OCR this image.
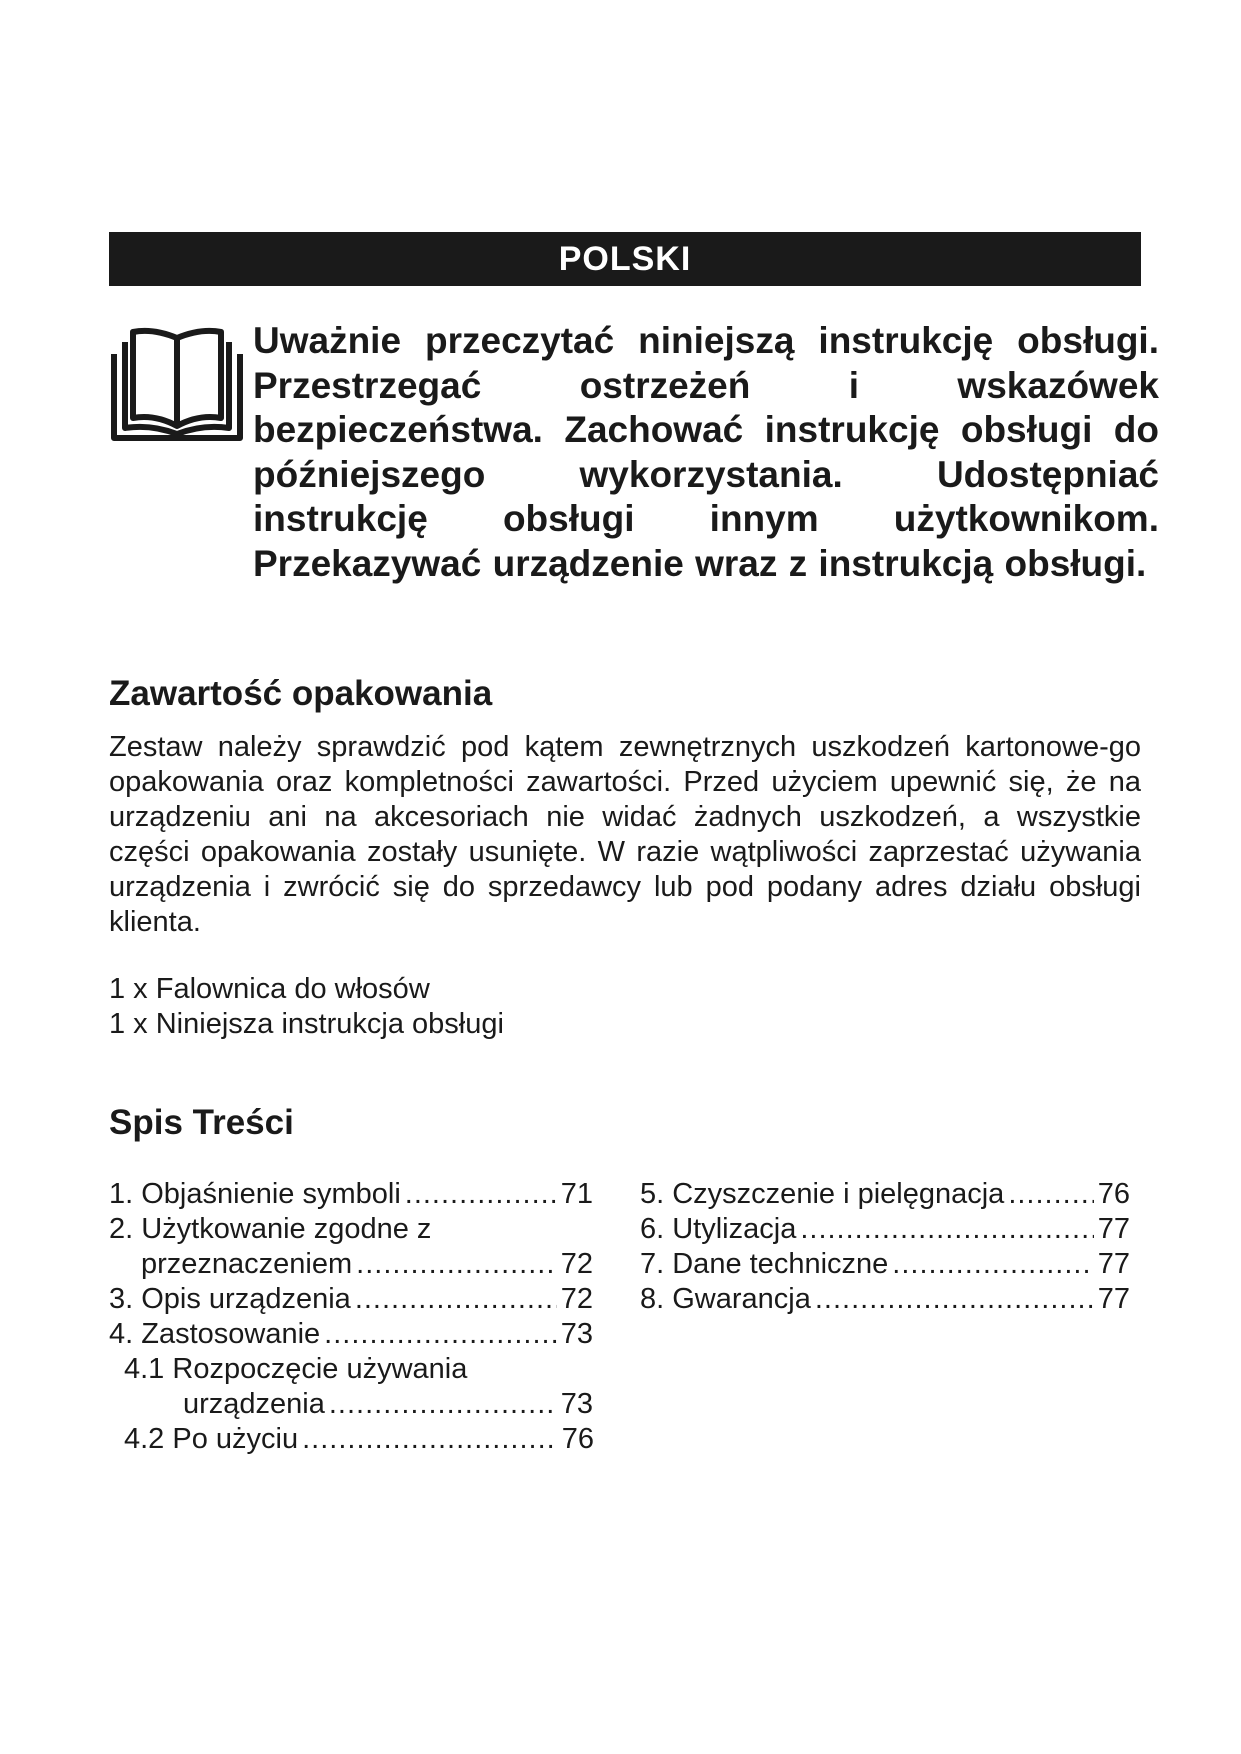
POLSKI
Uważnie przeczytać niniejszą instrukcję obsługi. Przestrzegać ostrzeżeń i wskazówek bezpieczeństwa. Zachować instrukcję obsługi do późniejszego wykorzystania. Udostępniać instrukcję obsługi innym użytkownikom. Przekazywać urządzenie wraz z instrukcją obsługi.
Zawartość opakowania

Zestaw należy sprawdzić pod kątem zewnętrznych uszkodzeń kartonowe-go opakowania oraz kompletności zawartości. Przed użyciem upewnić się, że na urządzeniu ani na akcesoriach nie widać żadnych uszkodzeń, a wszystkie części opakowania zostały usunięte. W razie wątpliwości zaprzestać używania urządzenia i zwrócić się do sprzedawcy lub pod podany adres działu obsługi klienta.

1 x Falownica do włosów
1 x Niniejsza instrukcja obsługi
Spis Treści
1. Objaśnienie symboli .....	71
2. Użytkowanie zgodne z
przeznaczeniem .....	72
3. Opis urządzenia .....	72
4. Zastosowanie .....	73
4.1 Rozpoczęcie używania
urządzenia .....	73
4.2 Po użyciu .....	76
5. Czyszczenie i pielęgnacja .....	76
6. Utylizacja .....	77
7. Dane techniczne .....	77
8. Gwarancja .....	77
